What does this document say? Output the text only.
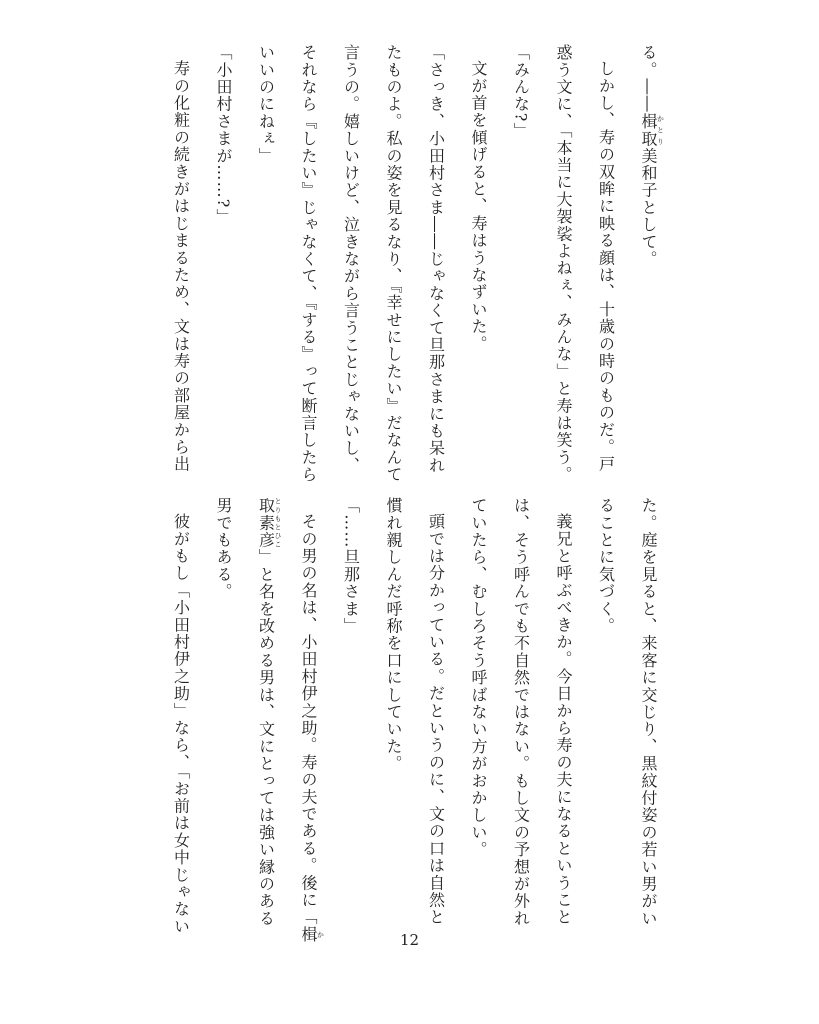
る。――楫取かとり美和子として。
しかし、寿の双眸に映る顔は、十歳の時のものだ。戸
惑う文に、「本当に大袈裟よねぇ、みんな」と寿は笑う。
「みんな?」
文が首を傾げると、寿はうなずいた。
「さっき、小田村さま――じゃなくて旦那さまにも呆れ
たものよ。私の姿を見るなり、『幸せにしたい』だなんて
言うの。嬉しいけど、泣きながら言うことじゃないし、
それなら『したい』じゃなくて、『する』って断言したら
いいのにねぇ」
「小田村さまが……?」
寿の化粧の続きがはじまるため、文は寿の部屋から出
た。庭を見ると、来客に交じり、黒紋付姿の若い男がい
ることに気づく。
義兄と呼ぶべきか。今日から寿の夫になるということ
は、そう呼んでも不自然ではない。もし文の予想が外れ
ていたら、むしろそう呼ばない方がおかしい。
頭では分かっている。だというのに、文の口は自然と
慣れ親しんだ呼称を口にしていた。
「……旦那さま」
その男の名は、小田村伊之助。寿の夫である。後に「楫か
取素彦とりもとひこ」と名を改める男は、文にとっては強い縁のある
男でもある。
彼がもし「小田村伊之助」なら、「お前は女中じゃない
12
